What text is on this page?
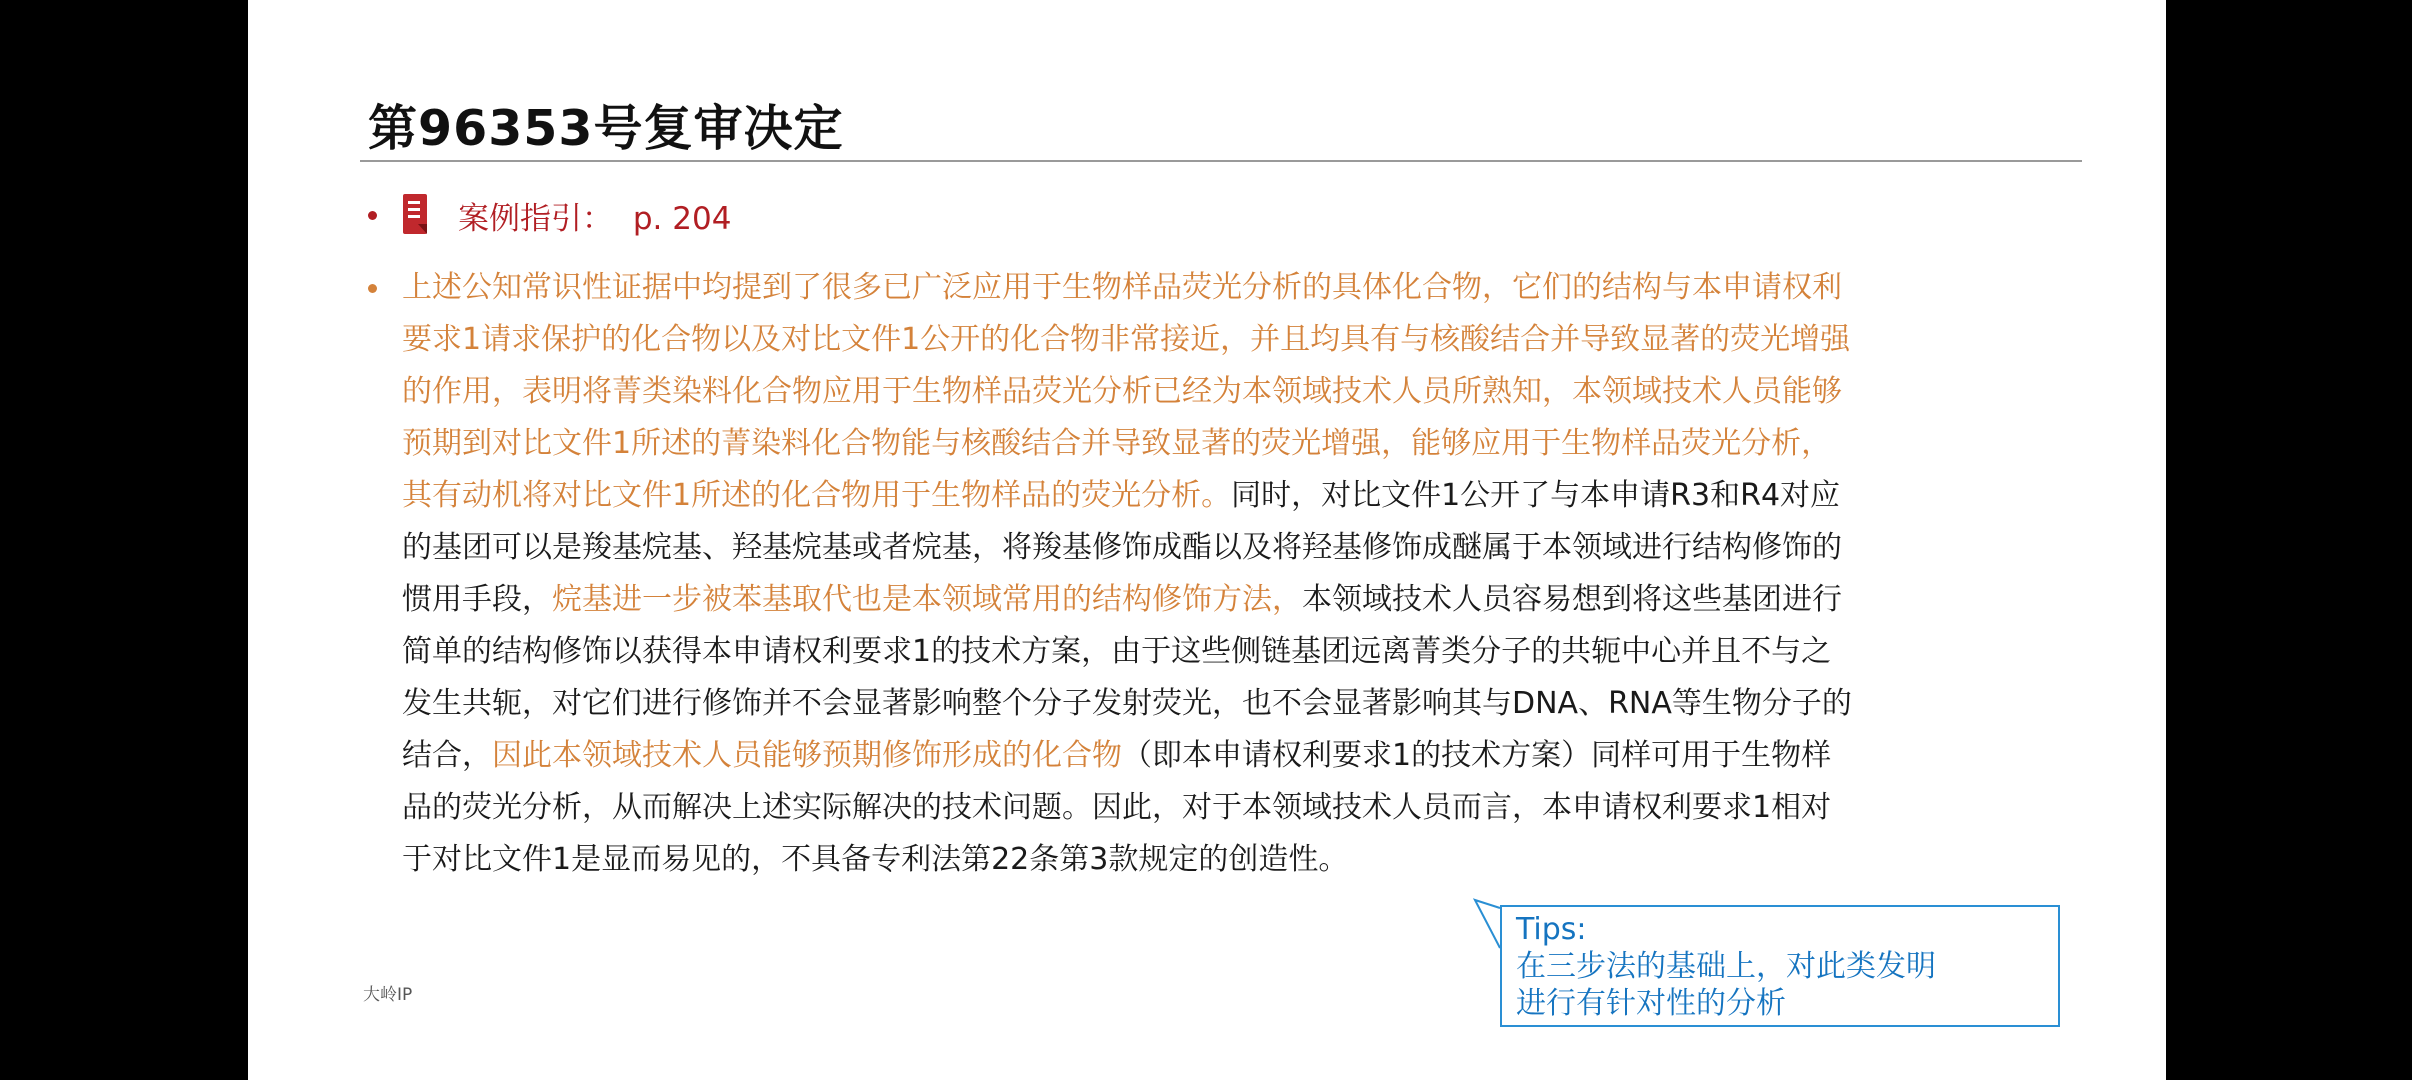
第96353号复审决定
案例指引： p. 204
上述公知常识性证据中均提到了很多已广泛应用于生物样品荧光分析的具体化合物，它们的结构与本申请权利
要求1请求保护的化合物以及对比文件1公开的化合物非常接近，并且均具有与核酸结合并导致显著的荧光增强
的作用，表明将菁类染料化合物应用于生物样品荧光分析已经为本领域技术人员所熟知，本领域技术人员能够
预期到对比文件1所述的菁染料化合物能与核酸结合并导致显著的荧光增强，能够应用于生物样品荧光分析，
其有动机将对比文件1所述的化合物用于生物样品的荧光分析。同时，对比文件1公开了与本申请R3和R4对应
的基团可以是羧基烷基、羟基烷基或者烷基，将羧基修饰成酯以及将羟基修饰成醚属于本领域进行结构修饰的
惯用手段，烷基进一步被苯基取代也是本领域常用的结构修饰方法，本领域技术人员容易想到将这些基团进行
简单的结构修饰以获得本申请权利要求1的技术方案，由于这些侧链基团远离菁类分子的共轭中心并且不与之
发生共轭，对它们进行修饰并不会显著影响整个分子发射荧光，也不会显著影响其与DNA、RNA等生物分子的
结合，因此本领域技术人员能够预期修饰形成的化合物（即本申请权利要求1的技术方案）同样可用于生物样
品的荧光分析，从而解决上述实际解决的技术问题。因此，对于本领域技术人员而言，本申请权利要求1相对
于对比文件1是显而易见的，不具备专利法第22条第3款规定的创造性。
大岭IP
Tips:
在三步法的基础上，对此类发明
进行有针对性的分析
